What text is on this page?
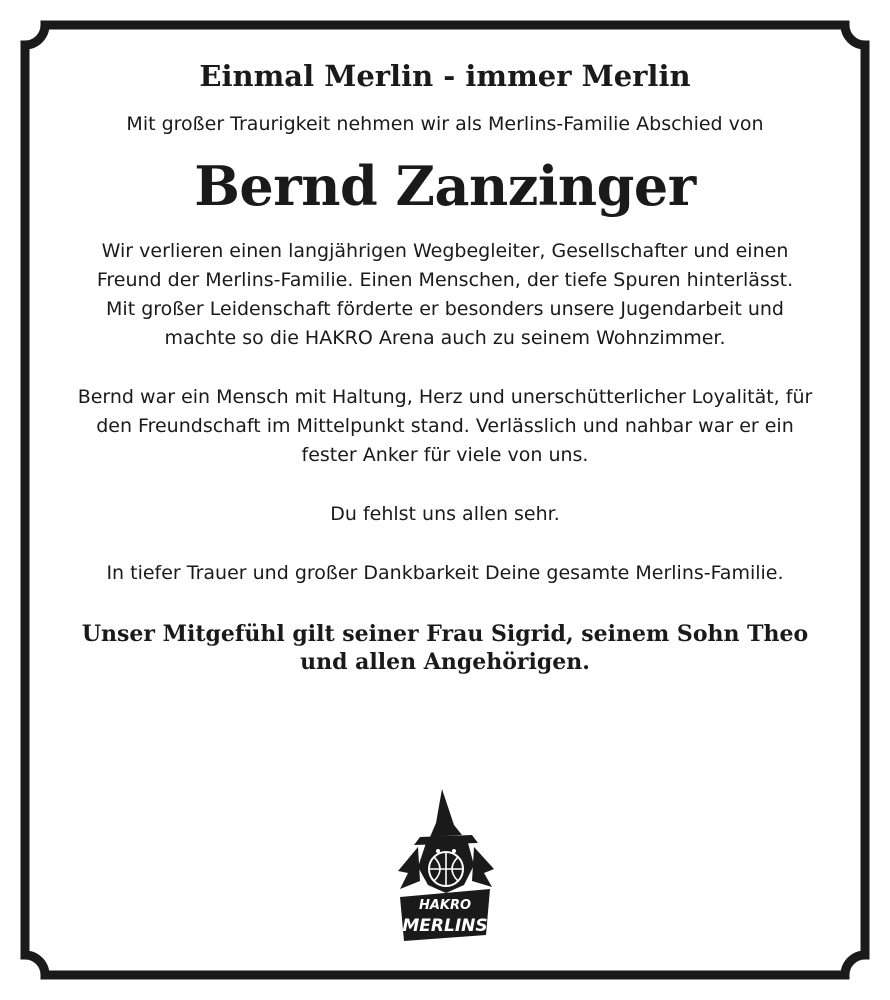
Einmal Merlin - immer Merlin
Mit großer Traurigkeit nehmen wir als Merlins-Familie Abschied von
Bernd Zanzinger
Wir verlieren einen langjährigen Wegbegleiter, Gesellschafter und einen Freund der Merlins-Familie. Einen Menschen, der tiefe Spuren hinterlässt. Mit großer Leidenschaft förderte er besonders unsere Jugendarbeit und machte so die HAKRO Arena auch zu seinem Wohnzimmer.
Bernd war ein Mensch mit Haltung, Herz und unerschütterlicher Loyalität, für den Freundschaft im Mittelpunkt stand. Verlässlich und nahbar war er ein fester Anker für viele von uns.
Du fehlst uns allen sehr.
In tiefer Trauer und großer Dankbarkeit Deine gesamte Merlins-Familie.
Unser Mitgefühl gilt seiner Frau Sigrid, seinem Sohn Theo und allen Angehörigen.
HAKRO
MERLINS
